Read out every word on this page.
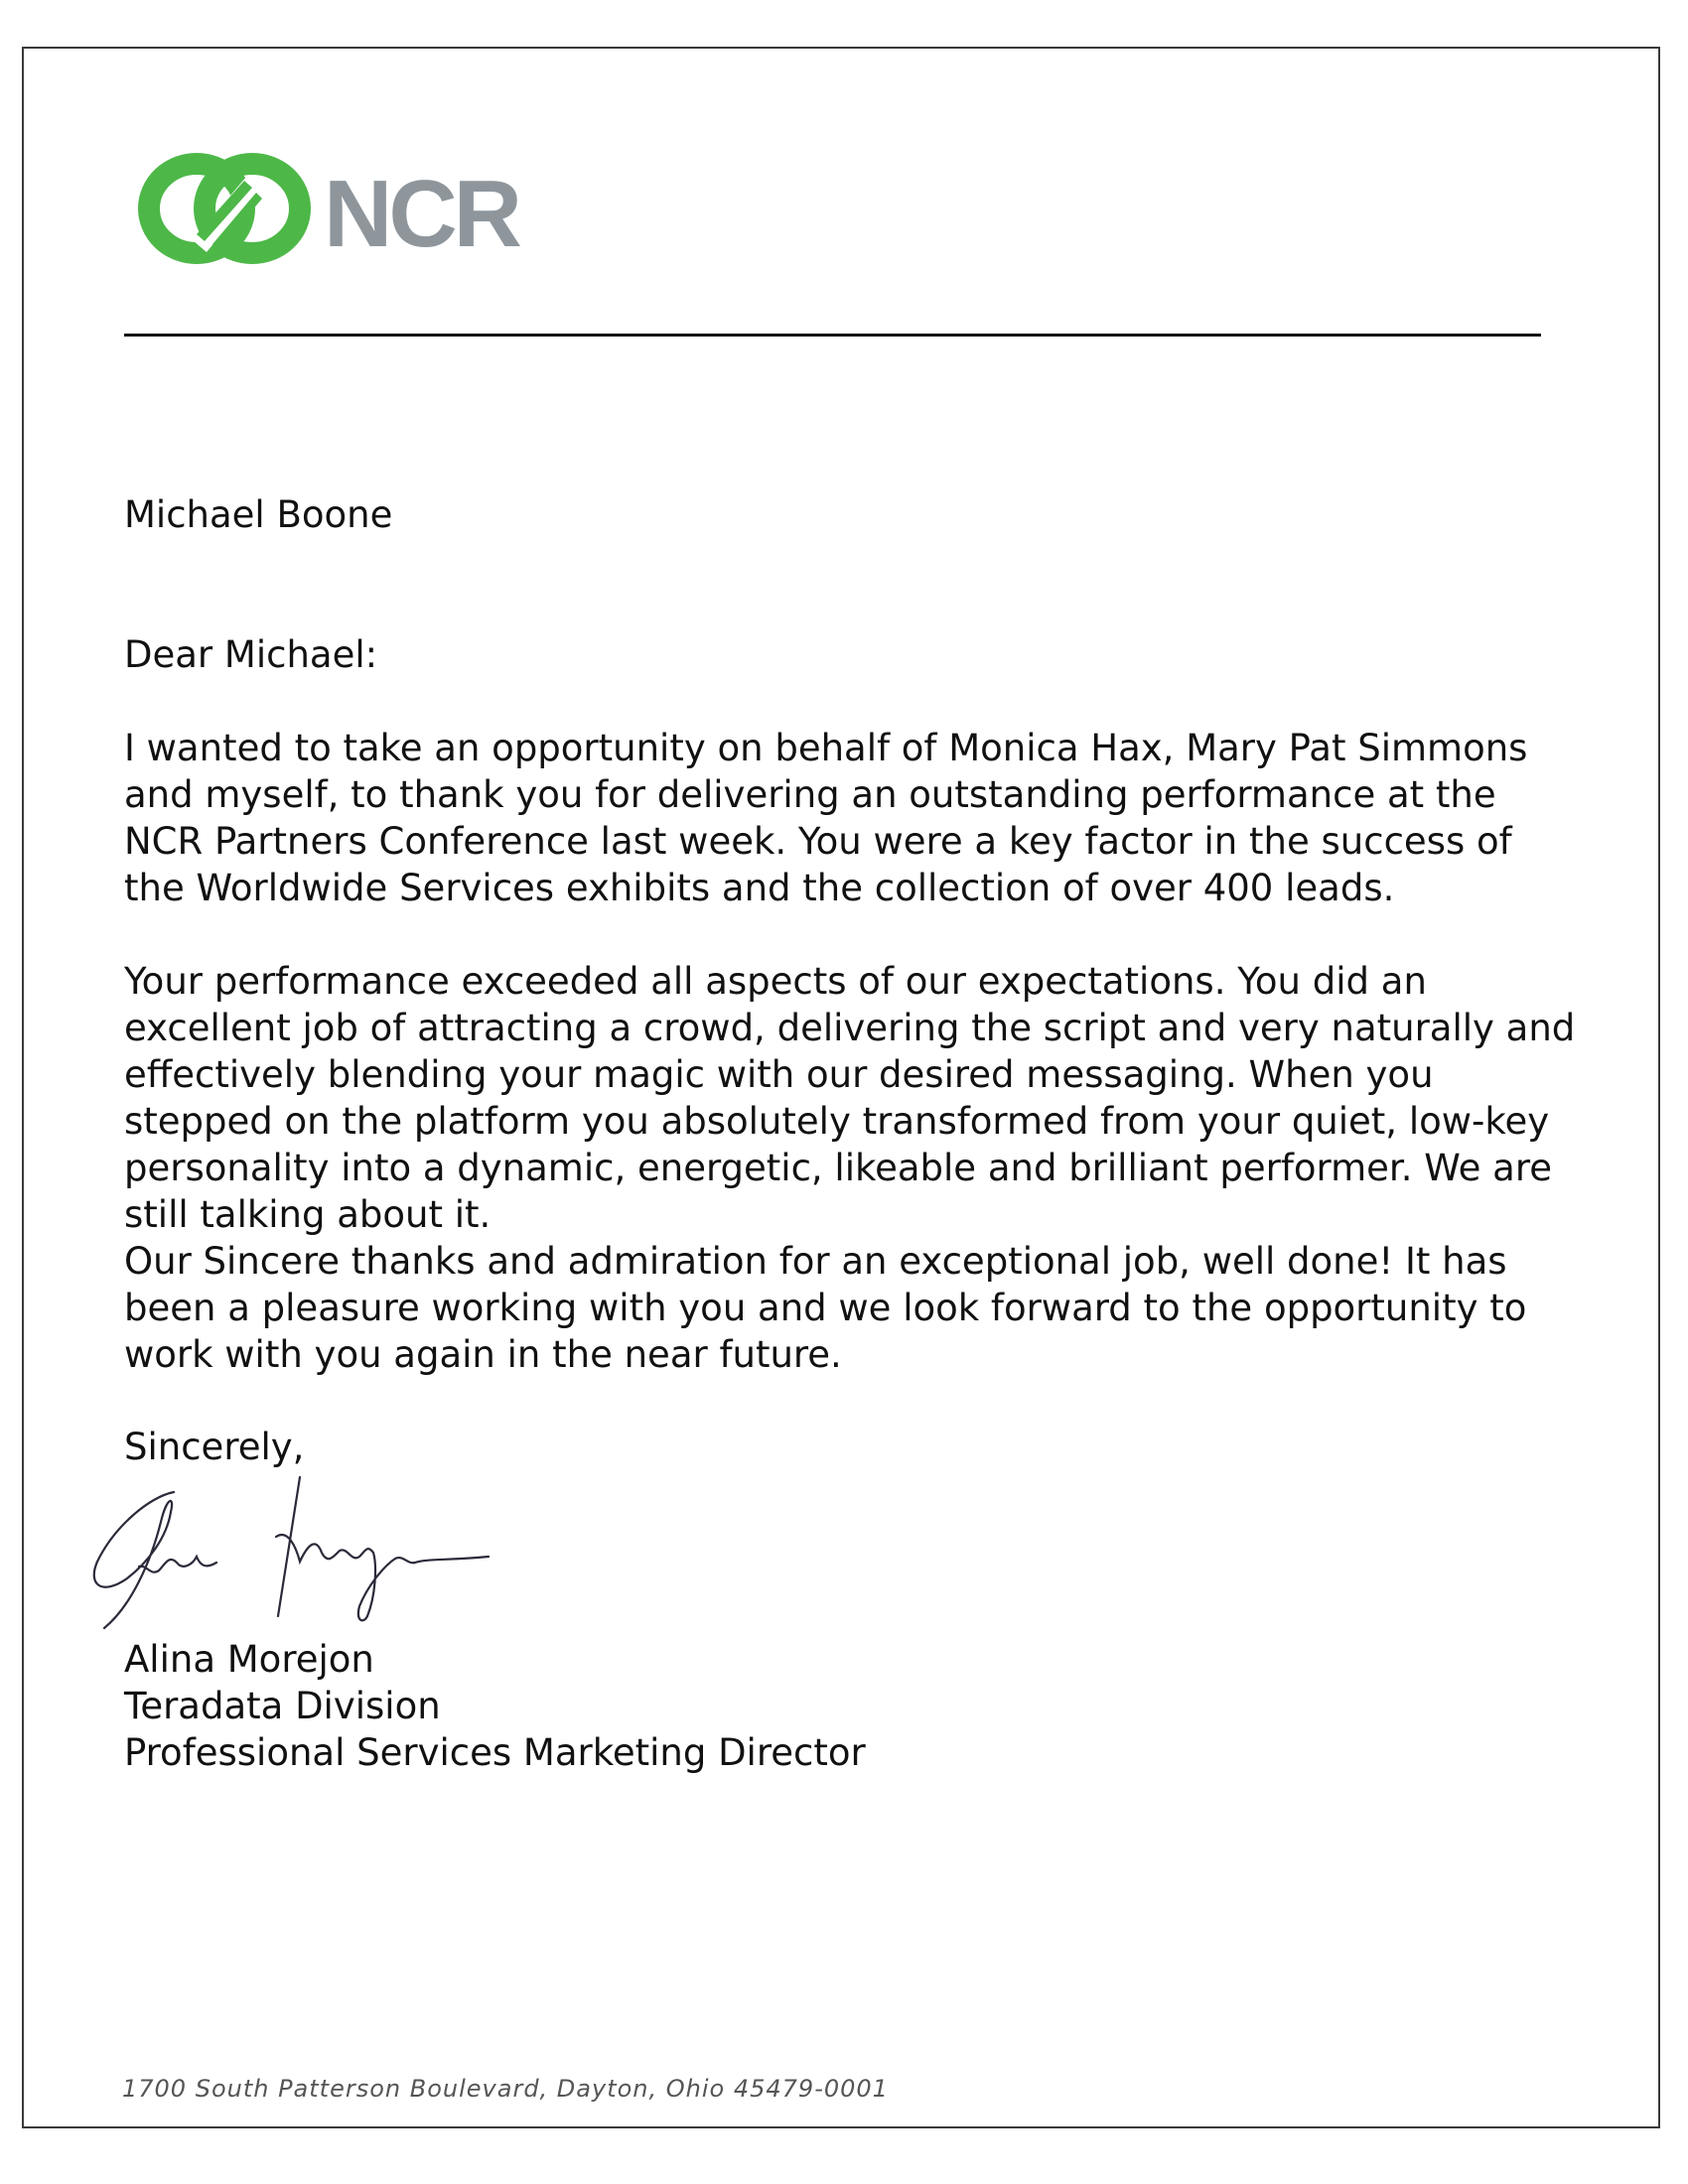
NCR

Michael Boone

Dear Michael:

I wanted to take an opportunity on behalf of Monica Hax, Mary Pat Simmons and myself, to thank you for delivering an outstanding performance at the NCR Partners Conference last week. You were a key factor in the success of the Worldwide Services exhibits and the collection of over 400 leads.

Your performance exceeded all aspects of our expectations. You did an excellent job of attracting a crowd, delivering the script and very naturally and effectively blending your magic with our desired messaging. When you stepped on the platform you absolutely transformed from your quiet, low-key personality into a dynamic, energetic, likeable and brilliant performer. We are still talking about it.

Our Sincere thanks and admiration for an exceptional job, well done! It has been a pleasure working with you and we look forward to the opportunity to work with you again in the near future.

Sincerely,

Alina Morejon
Teradata Division
Professional Services Marketing Director
1700 South Patterson Boulevard, Dayton, Ohio 45479-0001
